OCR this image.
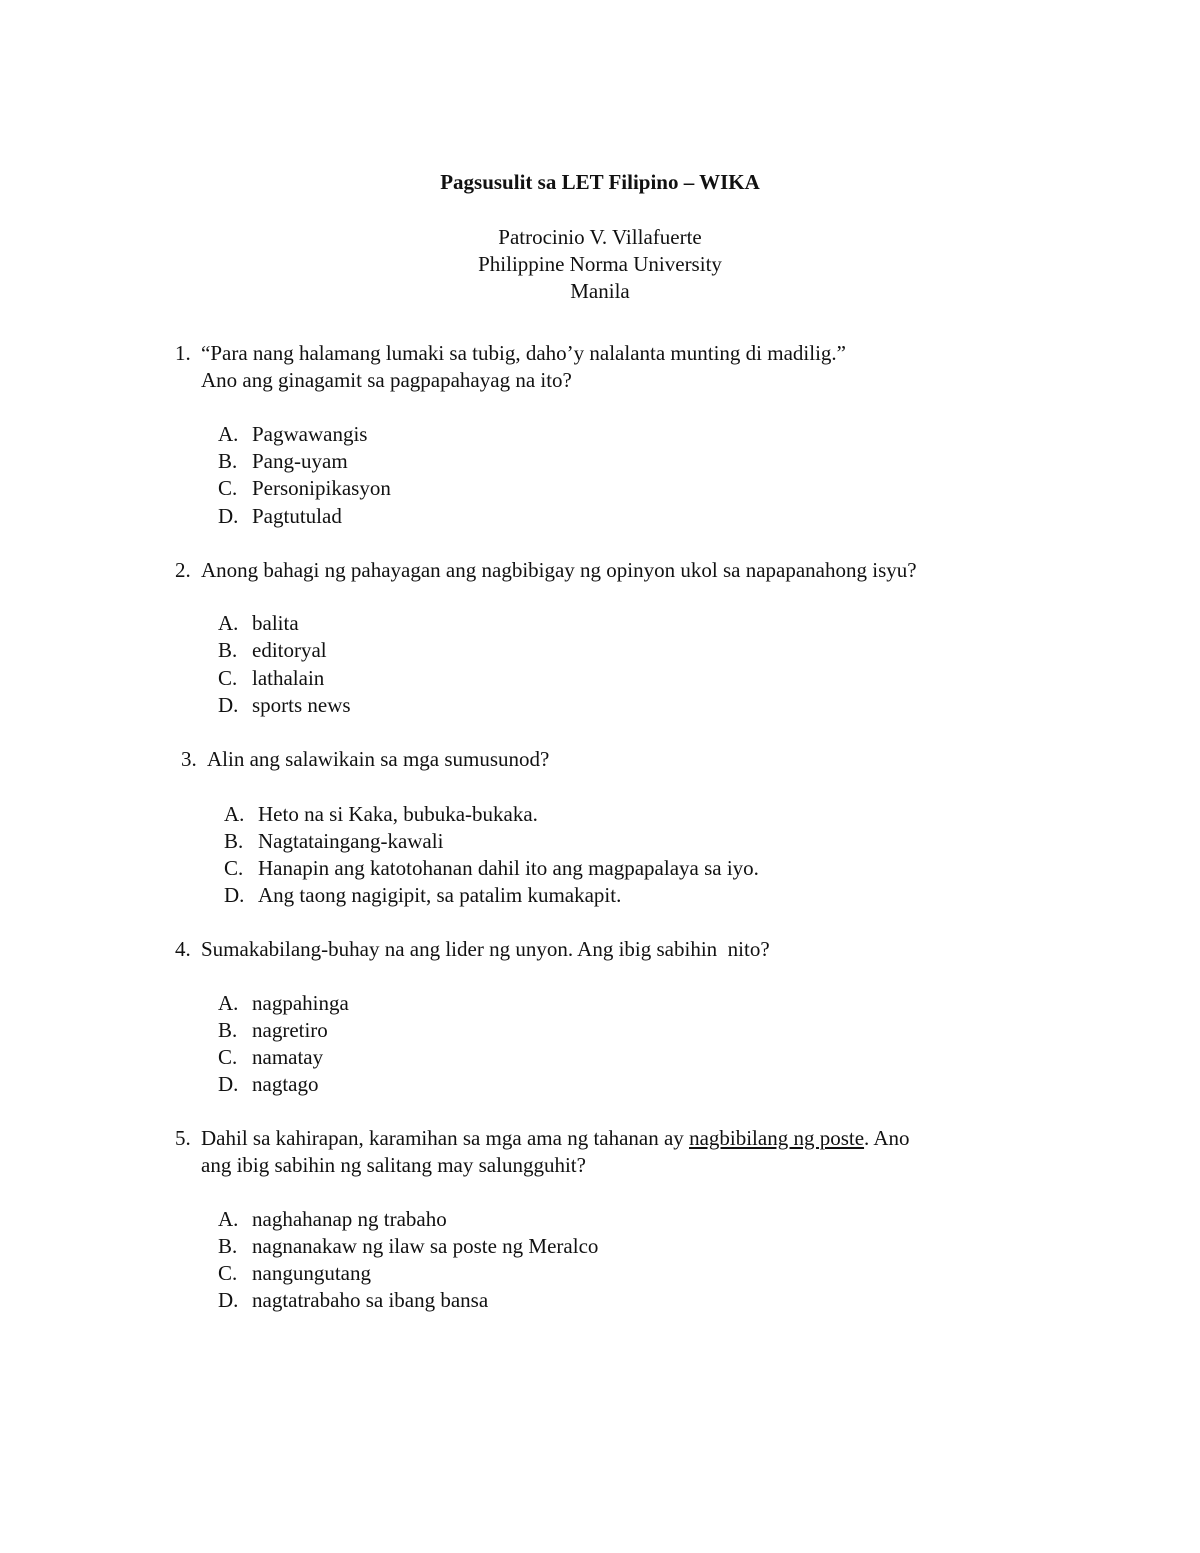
Pagsusulit sa LET Filipino – WIKA
Patrocinio V. Villafuerte
Philippine Norma University
Manila
1. “Para nang halamang lumaki sa tubig, daho’y nalalanta munting di madilig.”
Ano ang ginagamit sa pagpapahayag na ito?
A. Pagwawangis
B. Pang-uyam
C. Personipikasyon
D. Pagtutulad
2. Anong bahagi ng pahayagan ang nagbibigay ng opinyon ukol sa napapanahong isyu?
A. balita
B. editoryal
C. lathalain
D. sports news
3. Alin ang salawikain sa mga sumusunod?
A. Heto na si Kaka, bubuka-bukaka.
B. Nagtataingang-kawali
C. Hanapin ang katotohanan dahil ito ang magpapalaya sa iyo.
D. Ang taong nagigipit, sa patalim kumakapit.
4. Sumakabilang-buhay na ang lider ng unyon. Ang ibig sabihin  nito?
A. nagpahinga
B. nagretiro
C. namatay
D. nagtago
5. Dahil sa kahirapan, karamihan sa mga ama ng tahanan ay nagbibilang ng poste. Ano
ang ibig sabihin ng salitang may salungguhit?
A. naghahanap ng trabaho
B. nagnanakaw ng ilaw sa poste ng Meralco
C. nangungutang
D. nagtatrabaho sa ibang bansa
